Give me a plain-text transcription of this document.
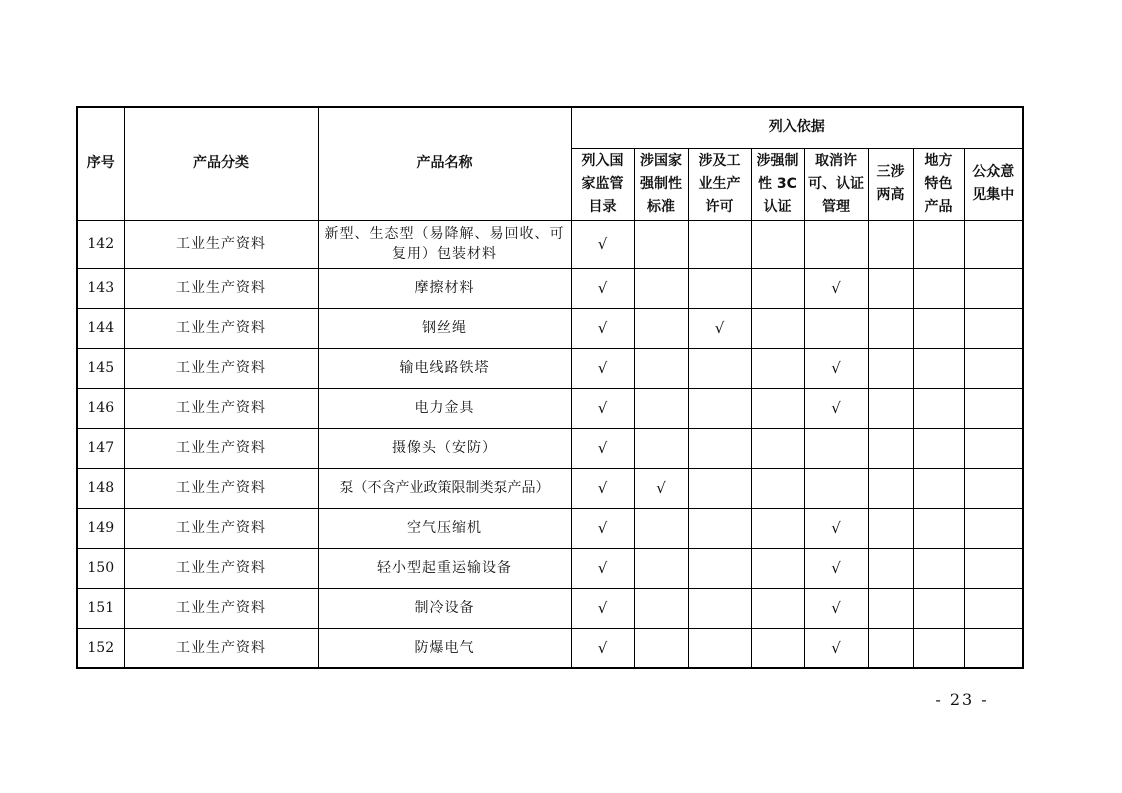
序号	产品分类	产品名称	列入依据							
			列入国家监管目录	涉国家强制性标准	涉及工业生产许可	涉强制性 3C 认证	取消许可、认证管理	三涉两高	地方特色产品	公众意见集中
142	工业生产资料	新型、生态型（易降解、易回收、可复用）包装材料	√							
143	工业生产资料	摩擦材料	√				√			
144	工业生产资料	钢丝绳	√		√					
145	工业生产资料	输电线路铁塔	√				√			
146	工业生产资料	电力金具	√				√			
147	工业生产资料	摄像头（安防）	√							
148	工业生产资料	泵（不含产业政策限制类泵产品）	√	√						
149	工业生产资料	空气压缩机	√				√			
150	工业生产资料	轻小型起重运输设备	√				√			
151	工业生产资料	制冷设备	√				√			
152	工业生产资料	防爆电气	√				√			
- 23 -
